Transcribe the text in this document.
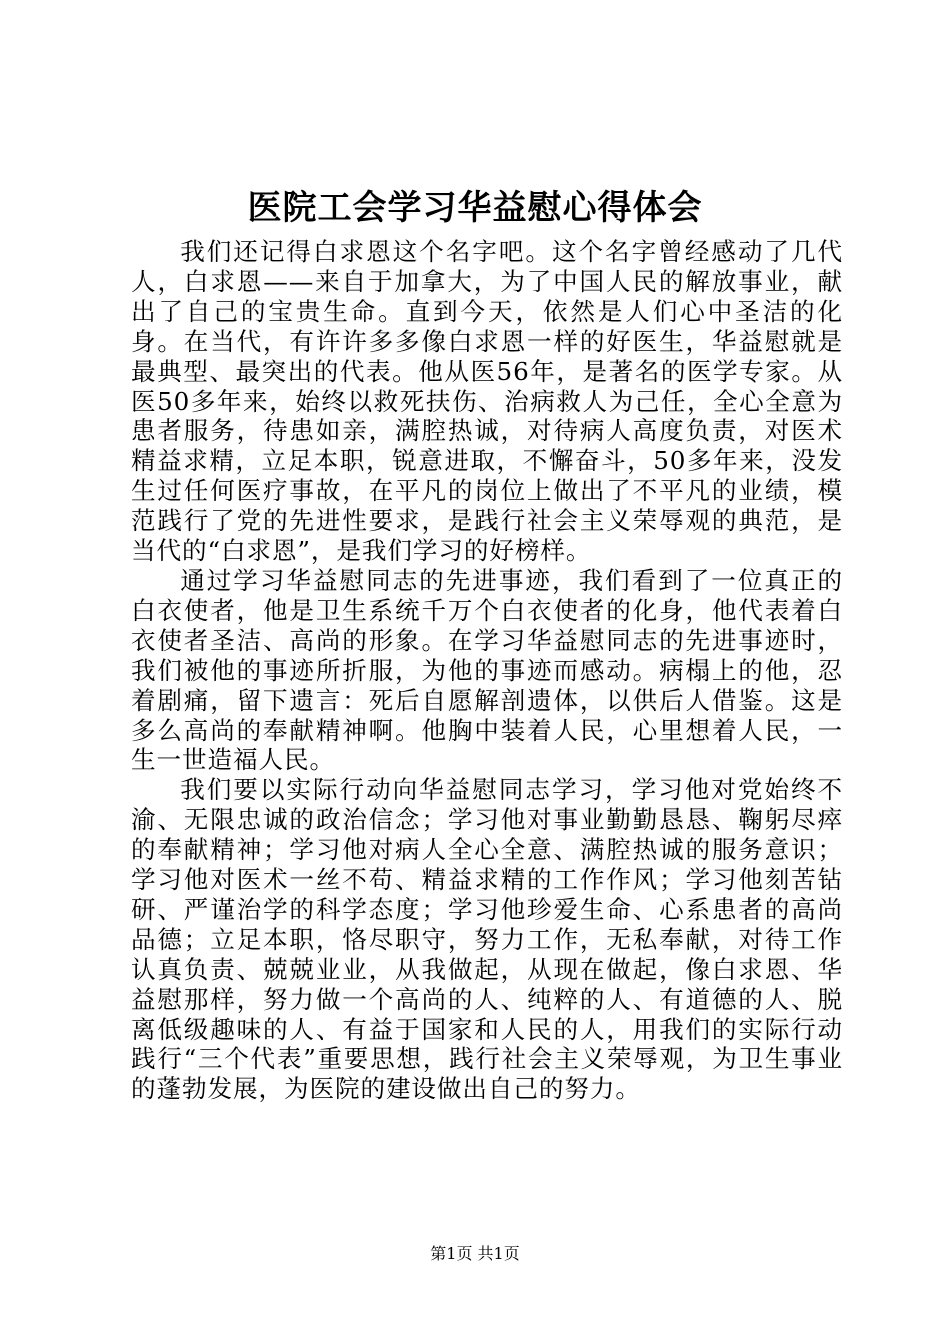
医院工会学习华益慰心得体会

我们还记得白求恩这个名字吧。这个名字曾经感动了几代人，白求恩——来自于加拿大，为了中国人民的解放事业，献出了自己的宝贵生命。直到今天，依然是人们心中圣洁的化身。在当代，有许许多多像白求恩一样的好医生，华益慰就是最典型、最突出的代表。他从医56年，是著名的医学专家。从医50多年来，始终以救死扶伤、治病救人为己任，全心全意为患者服务，待患如亲，满腔热诚，对待病人高度负责，对医术精益求精，立足本职，锐意进取，不懈奋斗，50多年来，没发生过任何医疗事故，在平凡的岗位上做出了不平凡的业绩，模范践行了党的先进性要求，是践行社会主义荣辱观的典范，是当代的“白求恩”，是我们学习的好榜样。

通过学习华益慰同志的先进事迹，我们看到了一位真正的白衣使者，他是卫生系统千万个白衣使者的化身，他代表着白衣使者圣洁、高尚的形象。在学习华益慰同志的先进事迹时，我们被他的事迹所折服，为他的事迹而感动。病榻上的他，忍着剧痛，留下遗言：死后自愿解剖遗体，以供后人借鉴。这是多么高尚的奉献精神啊。他胸中装着人民，心里想着人民，一生一世造福人民。

我们要以实际行动向华益慰同志学习，学习他对党始终不渝、无限忠诚的政治信念；学习他对事业勤勤恳恳、鞠躬尽瘁的奉献精神；学习他对病人全心全意、满腔热诚的服务意识；学习他对医术一丝不苟、精益求精的工作作风；学习他刻苦钻研、严谨治学的科学态度；学习他珍爱生命、心系患者的高尚品德；立足本职，恪尽职守，努力工作，无私奉献，对待工作认真负责、兢兢业业，从我做起，从现在做起，像白求恩、华益慰那样，努力做一个高尚的人、纯粹的人、有道德的人、脱离低级趣味的人、有益于国家和人民的人，用我们的实际行动践行“三个代表”重要思想，践行社会主义荣辱观，为卫生事业的蓬勃发展，为医院的建设做出自己的努力。

第1页 共1页
